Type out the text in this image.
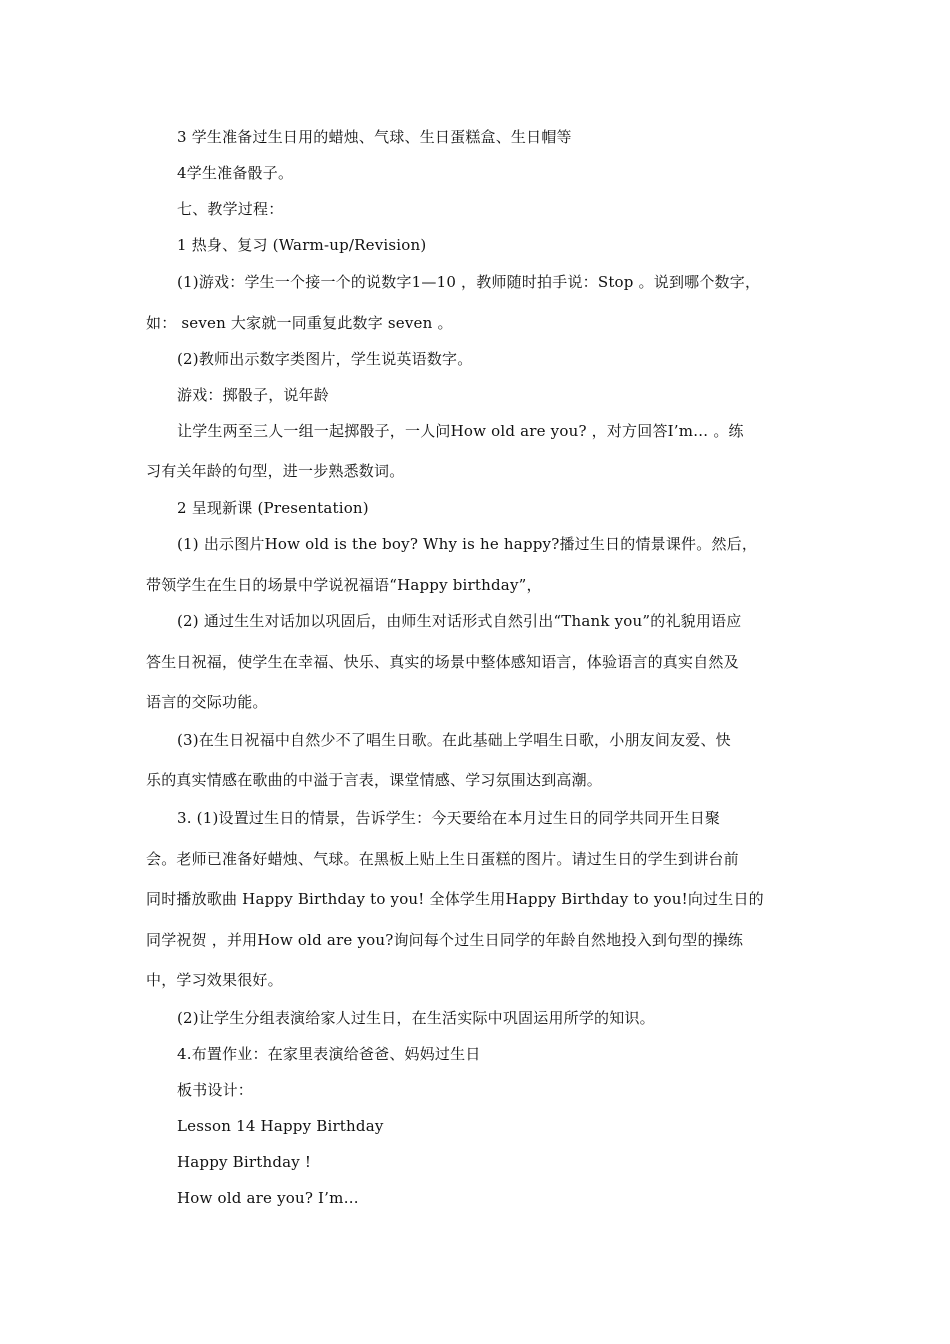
3 学生准备过生日用的蜡烛、气球、生日蛋糕盒、生日帽等
4学生准备骰子。
七、教学过程：
1 热身、复习 (Warm-up/Revision)
(1)游戏：学生一个接一个的说数字1—10 ，教师随时拍手说：Stop 。说到哪个数字，
如： seven 大家就一同重复此数字 seven 。
(2)教师出示数字类图片，学生说英语数字。
游戏：掷骰子，说年龄
让学生两至三人一组一起掷骰子，一人问How old are you? ，对方回答I’m… 。练
习有关年龄的句型，进一步熟悉数词。
2 呈现新课 (Presentation)
(1) 出示图片How old is the boy? Why is he happy?播过生日的情景课件。然后，
带领学生在生日的场景中学说祝福语“Happy birthday”，
(2) 通过生生对话加以巩固后，由师生对话形式自然引出“Thank you”的礼貌用语应
答生日祝福，使学生在幸福、快乐、真实的场景中整体感知语言，体验语言的真实自然及
语言的交际功能。
(3)在生日祝福中自然少不了唱生日歌。在此基础上学唱生日歌，小朋友间友爱、快
乐的真实情感在歌曲的中溢于言表，课堂情感、学习氛围达到高潮。
3. (1)设置过生日的情景，告诉学生：今天要给在本月过生日的同学共同开生日聚
会。老师已准备好蜡烛、气球。在黑板上贴上生日蛋糕的图片。请过生日的学生到讲台前
同时播放歌曲 Happy Birthday to you! 全体学生用Happy Birthday to you!向过生日的
同学祝贺 ，并用How old are you?询问每个过生日同学的年龄自然地投入到句型的操练
中，学习效果很好。
(2)让学生分组表演给家人过生日，在生活实际中巩固运用所学的知识。
4.布置作业：在家里表演给爸爸、妈妈过生日
板书设计：
Lesson 14 Happy Birthday
Happy Birthday !
How old are you? I’m…
